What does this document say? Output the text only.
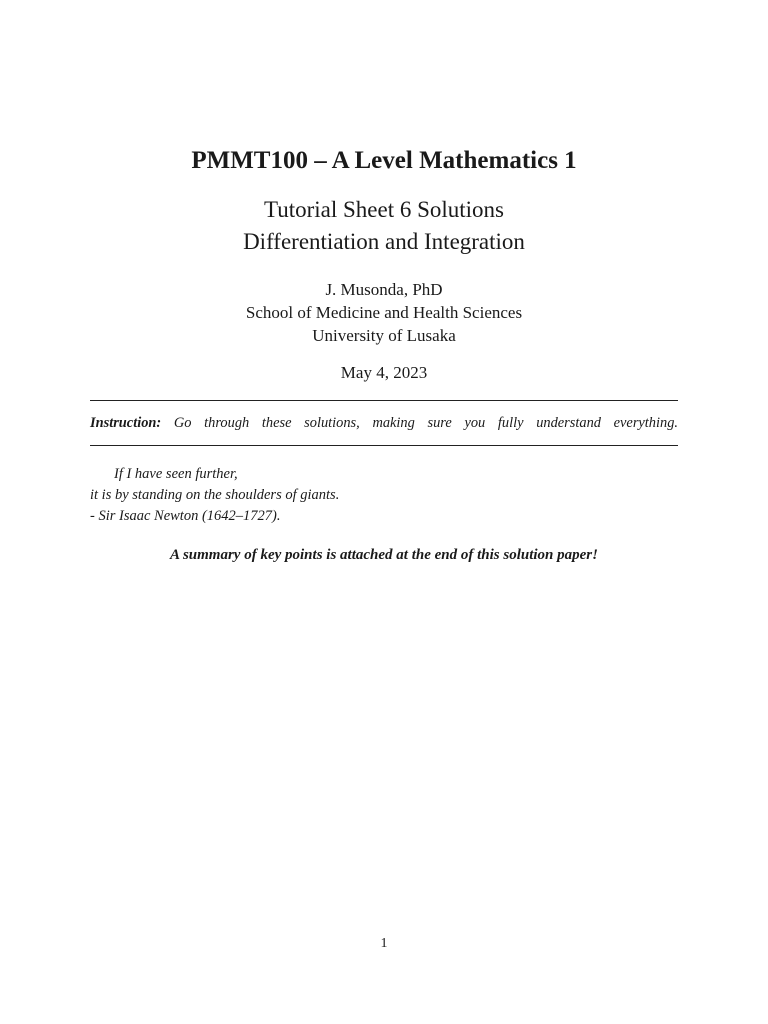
PMMT100 – A Level Mathematics 1
Tutorial Sheet 6 Solutions
Differentiation and Integration
J. Musonda, PhD
School of Medicine and Health Sciences
University of Lusaka
May 4, 2023
Instruction: Go through these solutions, making sure you fully understand everything.
If I have seen further,
it is by standing on the shoulders of giants.
- Sir Isaac Newton (1642–1727).
A summary of key points is attached at the end of this solution paper!
1
